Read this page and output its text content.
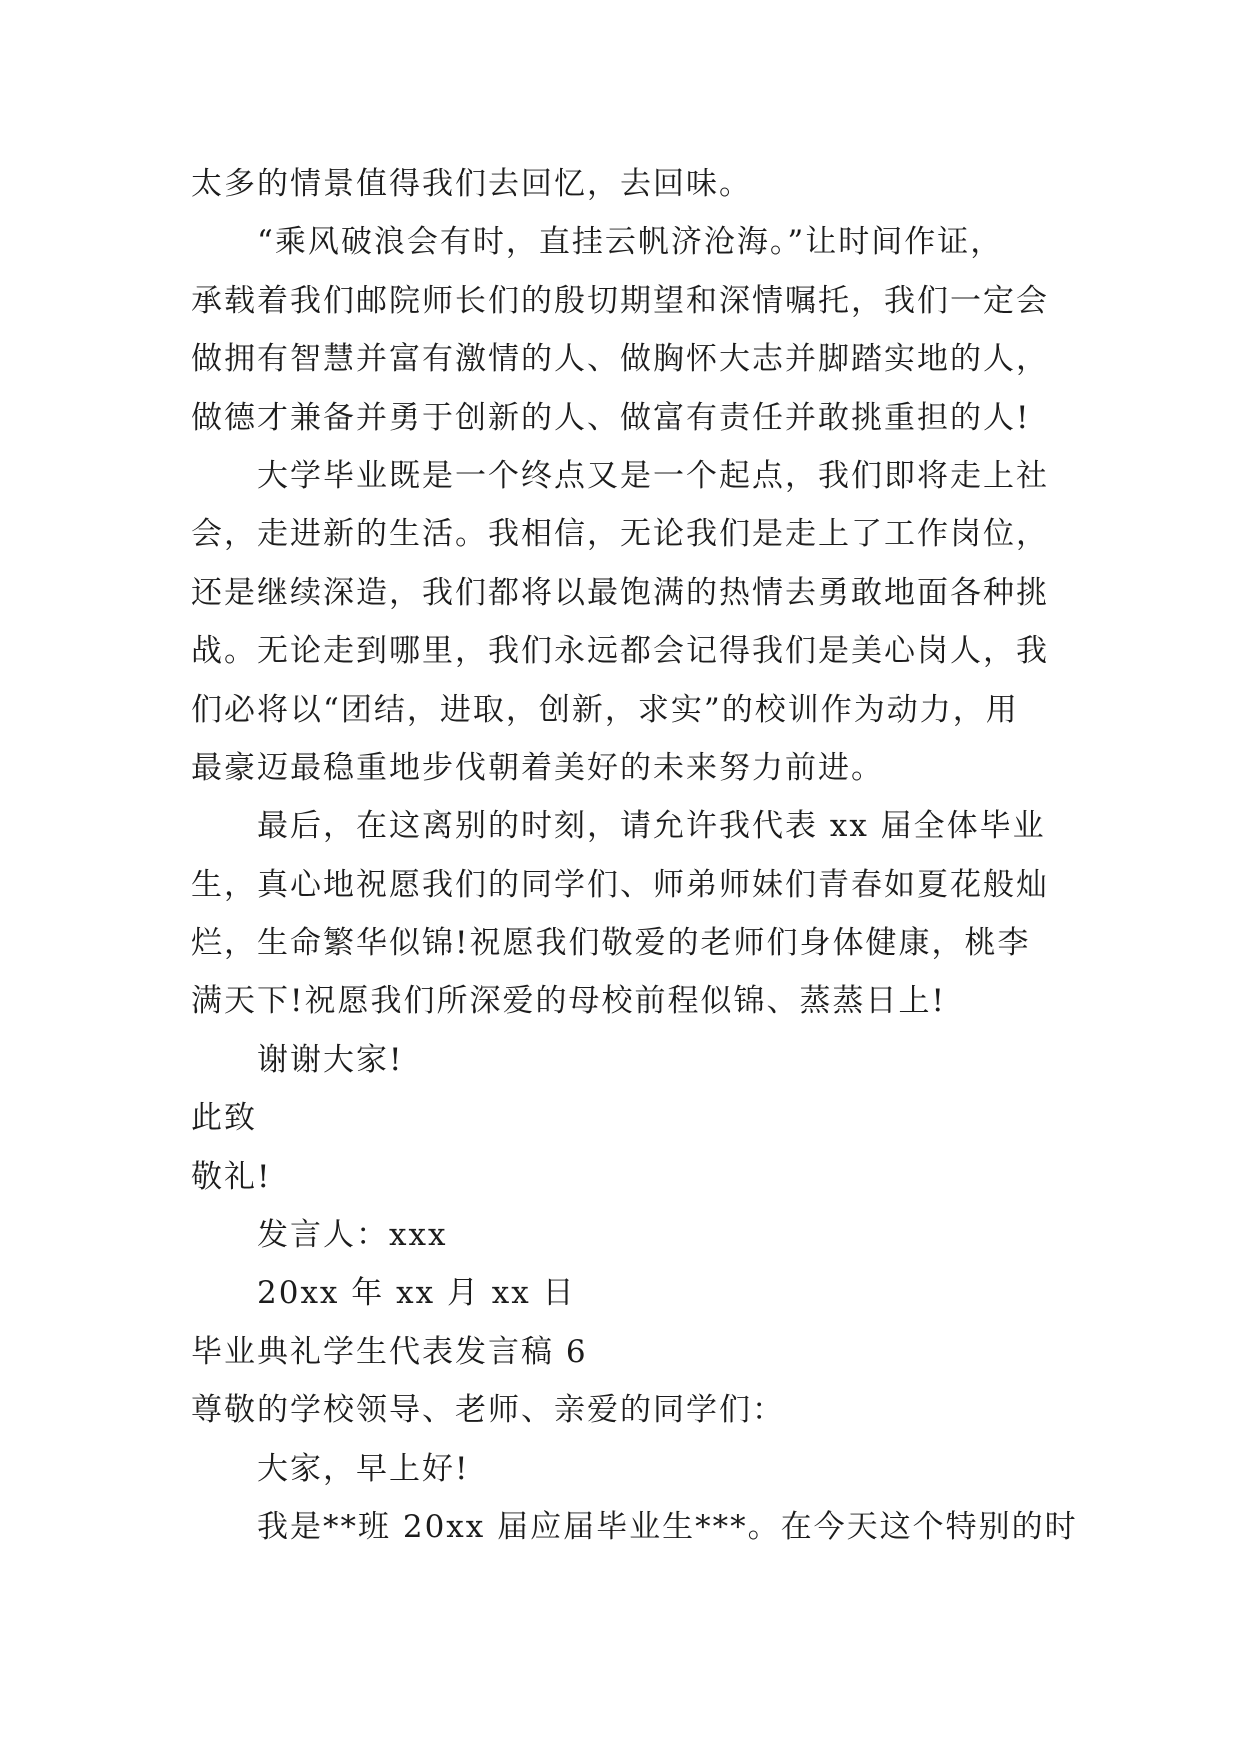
太多的情景值得我们去回忆，去回味。
“乘风破浪会有时，直挂云帆济沧海。”让时间作证，
承载着我们邮院师长们的殷切期望和深情嘱托，我们一定会
做拥有智慧并富有激情的人、做胸怀大志并脚踏实地的人，
做德才兼备并勇于创新的人、做富有责任并敢挑重担的人!
大学毕业既是一个终点又是一个起点，我们即将走上社
会，走进新的生活。我相信，无论我们是走上了工作岗位，
还是继续深造，我们都将以最饱满的热情去勇敢地面各种挑
战。无论走到哪里，我们永远都会记得我们是美心岗人，我
们必将以“团结，进取，创新，求实”的校训作为动力，用
最豪迈最稳重地步伐朝着美好的未来努力前进。
最后，在这离别的时刻，请允许我代表 xx 届全体毕业
生，真心地祝愿我们的同学们、师弟师妹们青春如夏花般灿
烂，生命繁华似锦!祝愿我们敬爱的老师们身体健康，桃李
满天下!祝愿我们所深爱的母校前程似锦、蒸蒸日上!
谢谢大家!
此致
敬礼!
发言人：xxx
20xx 年 xx 月 xx 日
毕业典礼学生代表发言稿 6
尊敬的学校领导、老师、亲爱的同学们：
大家，早上好!
我是**班 20xx 届应届毕业生***。在今天这个特别的时
